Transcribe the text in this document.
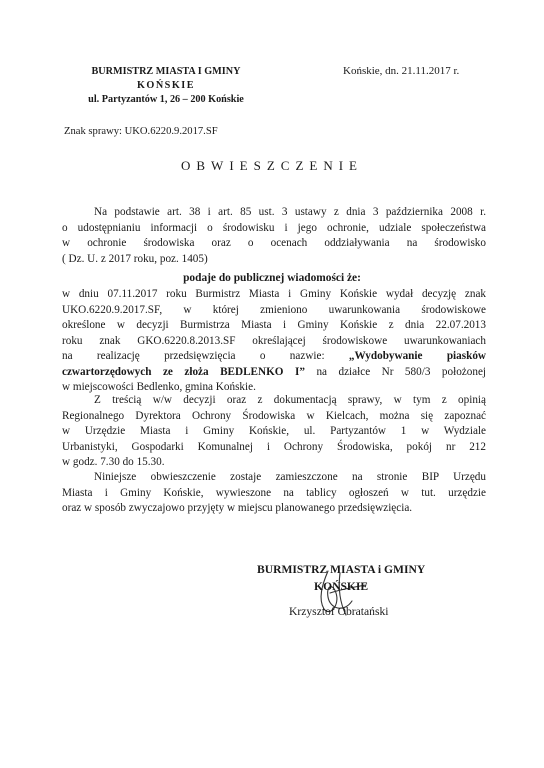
BURMISTRZ MIASTA I GMINY
KOŃSKIE
ul. Partyzantów 1, 26 – 200 Końskie
Końskie, dn. 21.11.2017 r.
Znak sprawy: UKO.6220.9.2017.SF
OBWIESZCZENIE

Na podstawie art. 38 i art. 85 ust. 3 ustawy z dnia 3 października 2008 r.

o udostępnianiu informacji o środowisku i jego ochronie, udziale społeczeństwa

w ochronie środowiska oraz o ocenach oddziaływania na środowisko

( Dz. U. z 2017 roku, poz. 1405)

podaje do publicznej wiadomości że:

w dniu 07.11.2017 roku Burmistrz Miasta i Gminy Końskie wydał decyzję znak

UKO.6220.9.2017.SF, w której zmieniono uwarunkowania środowiskowe

określone w decyzji Burmistrza Miasta i Gminy Końskie z dnia 22.07.2013

roku znak GKO.6220.8.2013.SF określającej środowiskowe uwarunkowaniach

na realizację przedsięwzięcia o nazwie: „Wydobywanie piasków

czwartorzędowych ze złoża BEDLENKO I” na działce Nr 580/3 położonej

w miejscowości Bedlenko, gmina Końskie.

Z treścią w/w decyzji oraz z dokumentacją sprawy, w tym z opinią

Regionalnego Dyrektora Ochrony Środowiska w Kielcach, można się zapoznać

w Urzędzie Miasta i Gminy Końskie, ul. Partyzantów 1 w Wydziale

Urbanistyki, Gospodarki Komunalnej i Ochrony Środowiska, pokój nr 212

w godz. 7.30 do 15.30.

Niniejsze obwieszczenie zostaje zamieszczone na stronie BIP Urzędu

Miasta i Gminy Końskie, wywieszone na tablicy ogłoszeń w tut. urzędzie

oraz w sposób zwyczajowo przyjęty w miejscu planowanego przedsięwzięcia.

BURMISTRZ MIASTA i GMINY
KOŃSKIE
Krzysztof Obratański
